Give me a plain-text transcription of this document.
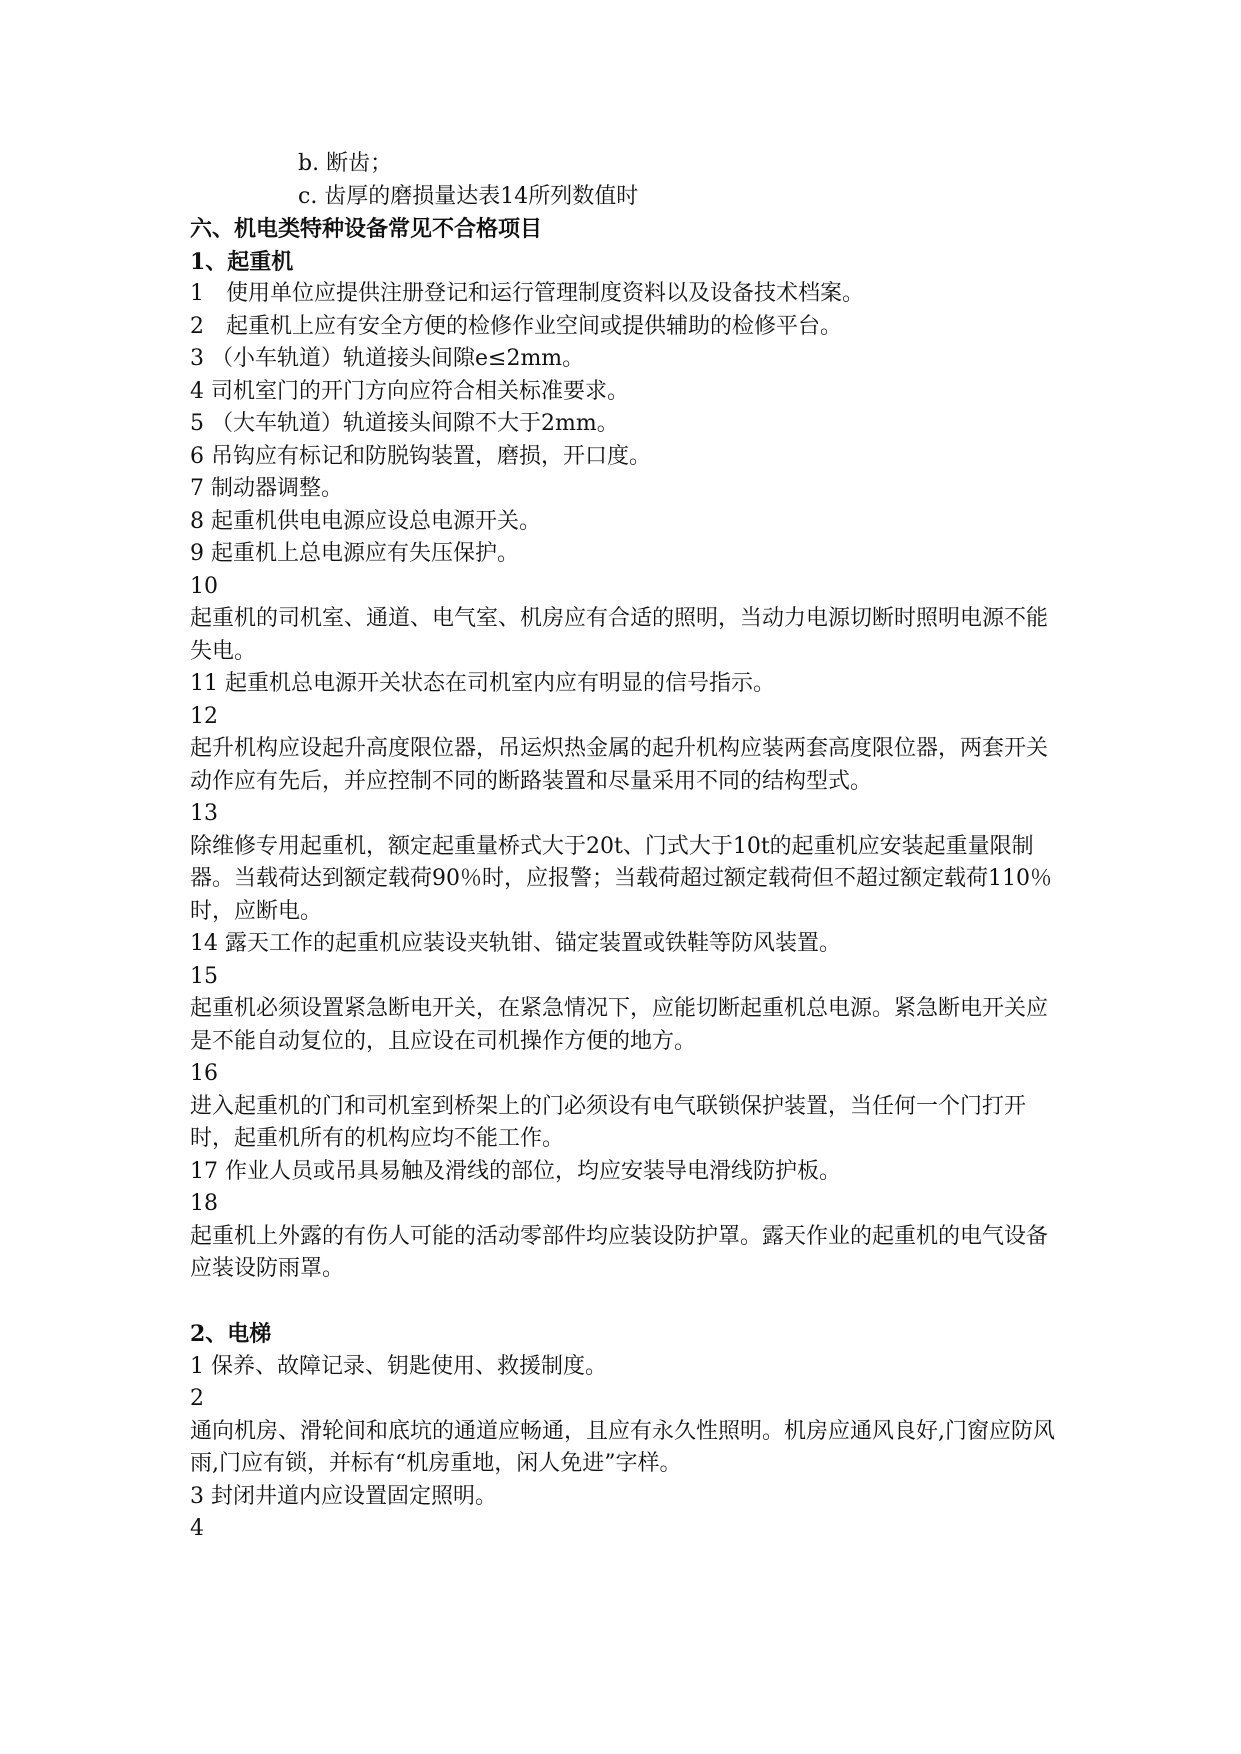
b. 断齿；
c. 齿厚的磨损量达表14所列数值时
六、机电类特种设备常见不合格项目
1、起重机
1　使用单位应提供注册登记和运行管理制度资料以及设备技术档案。
2　起重机上应有安全方便的检修作业空间或提供辅助的检修平台。
3 （小车轨道）轨道接头间隙e≤2mm。
4 司机室门的开门方向应符合相关标准要求。
5 （大车轨道）轨道接头间隙不大于2mm。
6 吊钩应有标记和防脱钩装置，磨损，开口度。
7 制动器调整。
8 起重机供电电源应设总电源开关。
9 起重机上总电源应有失压保护。
10
起重机的司机室、通道、电气室、机房应有合适的照明，当动力电源切断时照明电源不能失电。
11 起重机总电源开关状态在司机室内应有明显的信号指示。
12
起升机构应设起升高度限位器，吊运炽热金属的起升机构应装两套高度限位器，两套开关动作应有先后，并应控制不同的断路装置和尽量采用不同的结构型式。
13
除维修专用起重机，额定起重量桥式大于20t、门式大于10t的起重机应安装起重量限制器。当载荷达到额定载荷90％时，应报警；当载荷超过额定载荷但不超过额定载荷110％时，应断电。
14 露天工作的起重机应装设夹轨钳、锚定装置或铁鞋等防风装置。
15
起重机必须设置紧急断电开关，在紧急情况下，应能切断起重机总电源。紧急断电开关应是不能自动复位的，且应设在司机操作方便的地方。
16
进入起重机的门和司机室到桥架上的门必须设有电气联锁保护装置，当任何一个门打开时，起重机所有的机构应均不能工作。
17 作业人员或吊具易触及滑线的部位，均应安装导电滑线防护板。
18
起重机上外露的有伤人可能的活动零部件均应装设防护罩。露天作业的起重机的电气设备应装设防雨罩。
2、电梯
1 保养、故障记录、钥匙使用、救援制度。
2
通向机房、滑轮间和底坑的通道应畅通，且应有永久性照明。机房应通风良好,门窗应防风雨,门应有锁，并标有“机房重地，闲人免进”字样。
3 封闭井道内应设置固定照明。
4
